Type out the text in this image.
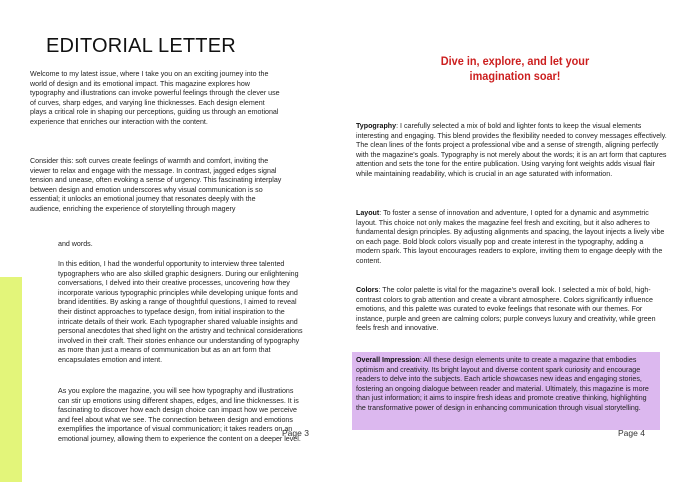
EDITORIAL LETTER

Welcome to my latest issue, where I take you on an exciting journey into the world of design and its emotional impact. This magazine explores how typography and illustrations can invoke powerful feelings through the clever use of curves, sharp edges, and varying line thicknesses. Each design element plays a critical role in shaping our perceptions, guiding us through an emotional experience that enriches our interaction with the content.

Consider this: soft curves create feelings of warmth and comfort, inviting the viewer to relax and engage with the message. In contrast, jagged edges signal tension and unease, often evoking a sense of urgency. This fascinating interplay between design and emotion underscores why visual communication is so essential; it unlocks an emotional journey that resonates deeply with the audience, enriching the experience of storytelling through magery

and words.

In this edition, I had the wonderful opportunity to interview three talented typographers who are also skilled graphic designers. During our enlightening conversations, I delved into their creative processes, uncovering how they incorporate various typographic principles while developing unique fonts and brand identities. By asking a range of thoughtful questions, I aimed to reveal their distinct approaches to typeface design, from initial inspiration to the intricate details of their work. Each typographer shared valuable insights and personal anecdotes that shed light on the artistry and technical considerations involved in their craft. Their stories enhance our understanding of typography as more than just a means of communication but as an art form that encapsulates emotion and intent.

As you explore the magazine, you will see how typography and illustrations can stir up emotions using different shapes, edges, and line thicknesses. It is fascinating to discover how each design choice can impact how we perceive and feel about what we see. The connection between design and emotions exemplifies the importance of visual communication; it takes readers on an emotional journey, allowing them to experience the content on a deeper level.

Page 3
Dive in, explore, and let your imagination soar!

Typography: I carefully selected a mix of bold and lighter fonts to keep the visual elements interesting and engaging. This blend provides the flexibility needed to convey messages effectively. The clean lines of the fonts project a professional vibe and a sense of strength, aligning perfectly with the magazine’s goals. Typography is not merely about the words; it is an art form that captures attention and sets the tone for the entire publication. Using varying font weights adds visual flair while maintaining readability, which is crucial in an age saturated with information.

Layout: To foster a sense of innovation and adventure, I opted for a dynamic and asymmetric layout. This choice not only makes the magazine feel fresh and exciting, but it also adheres to fundamental design principles. By adjusting alignments and spacing, the layout injects a lively vibe on each page. Bold block colors visually pop and create interest in the typography, adding a modern spark. This layout encourages readers to explore, inviting them to engage deeply with the content.

Colors: The color palette is vital for the magazine’s overall look. I selected a mix of bold, high-contrast colors to grab attention and create a vibrant atmosphere. Colors significantly influence emotions, and this palette was curated to evoke feelings that resonate with our themes. For instance, purple and green are calming colors; purple conveys luxury and creativity, while green feels fresh and innovative.

Overall Impression: All these design elements unite to create a magazine that embodies optimism and creativity. Its bright layout and diverse content spark curiosity and encourage readers to delve into the subjects. Each article showcases new ideas and engaging stories, fostering an ongoing dialogue between reader and material. Ultimately, this magazine is more than just information; it aims to inspire fresh ideas and promote creative thinking, highlighting the transformative power of design in enhancing communication through visual storytelling.

Page 4
